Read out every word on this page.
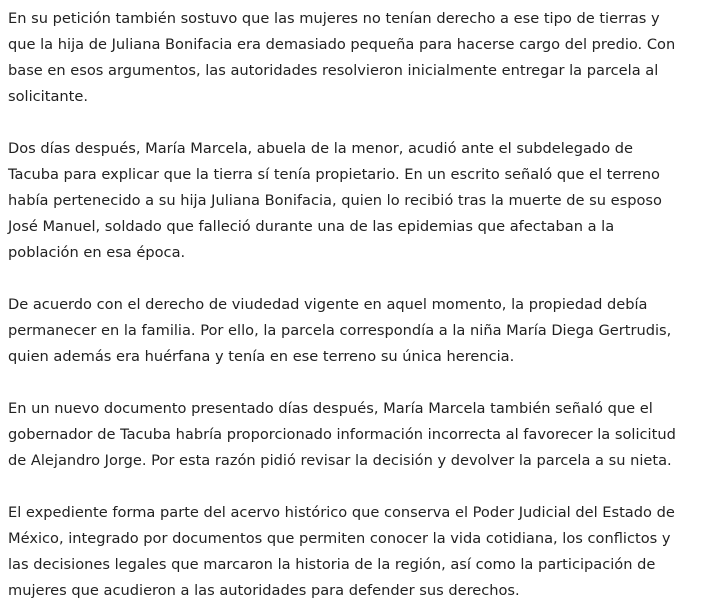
En su petición también sostuvo que las mujeres no tenían derecho a ese tipo de tierras y
que la hija de Juliana Bonifacia era demasiado pequeña para hacerse cargo del predio. Con
base en esos argumentos, las autoridades resolvieron inicialmente entregar la parcela al
solicitante.

Dos días después, María Marcela, abuela de la menor, acudió ante el subdelegado de
Tacuba para explicar que la tierra sí tenía propietario. En un escrito señaló que el terreno
había pertenecido a su hija Juliana Bonifacia, quien lo recibió tras la muerte de su esposo
José Manuel, soldado que falleció durante una de las epidemias que afectaban a la
población en esa época.

De acuerdo con el derecho de viudedad vigente en aquel momento, la propiedad debía
permanecer en la familia. Por ello, la parcela correspondía a la niña María Diega Gertrudis,
quien además era huérfana y tenía en ese terreno su única herencia.

En un nuevo documento presentado días después, María Marcela también señaló que el
gobernador de Tacuba habría proporcionado información incorrecta al favorecer la solicitud
de Alejandro Jorge. Por esta razón pidió revisar la decisión y devolver la parcela a su nieta.

El expediente forma parte del acervo histórico que conserva el Poder Judicial del Estado de
México, integrado por documentos que permiten conocer la vida cotidiana, los conflictos y
las decisiones legales que marcaron la historia de la región, así como la participación de
mujeres que acudieron a las autoridades para defender sus derechos.
